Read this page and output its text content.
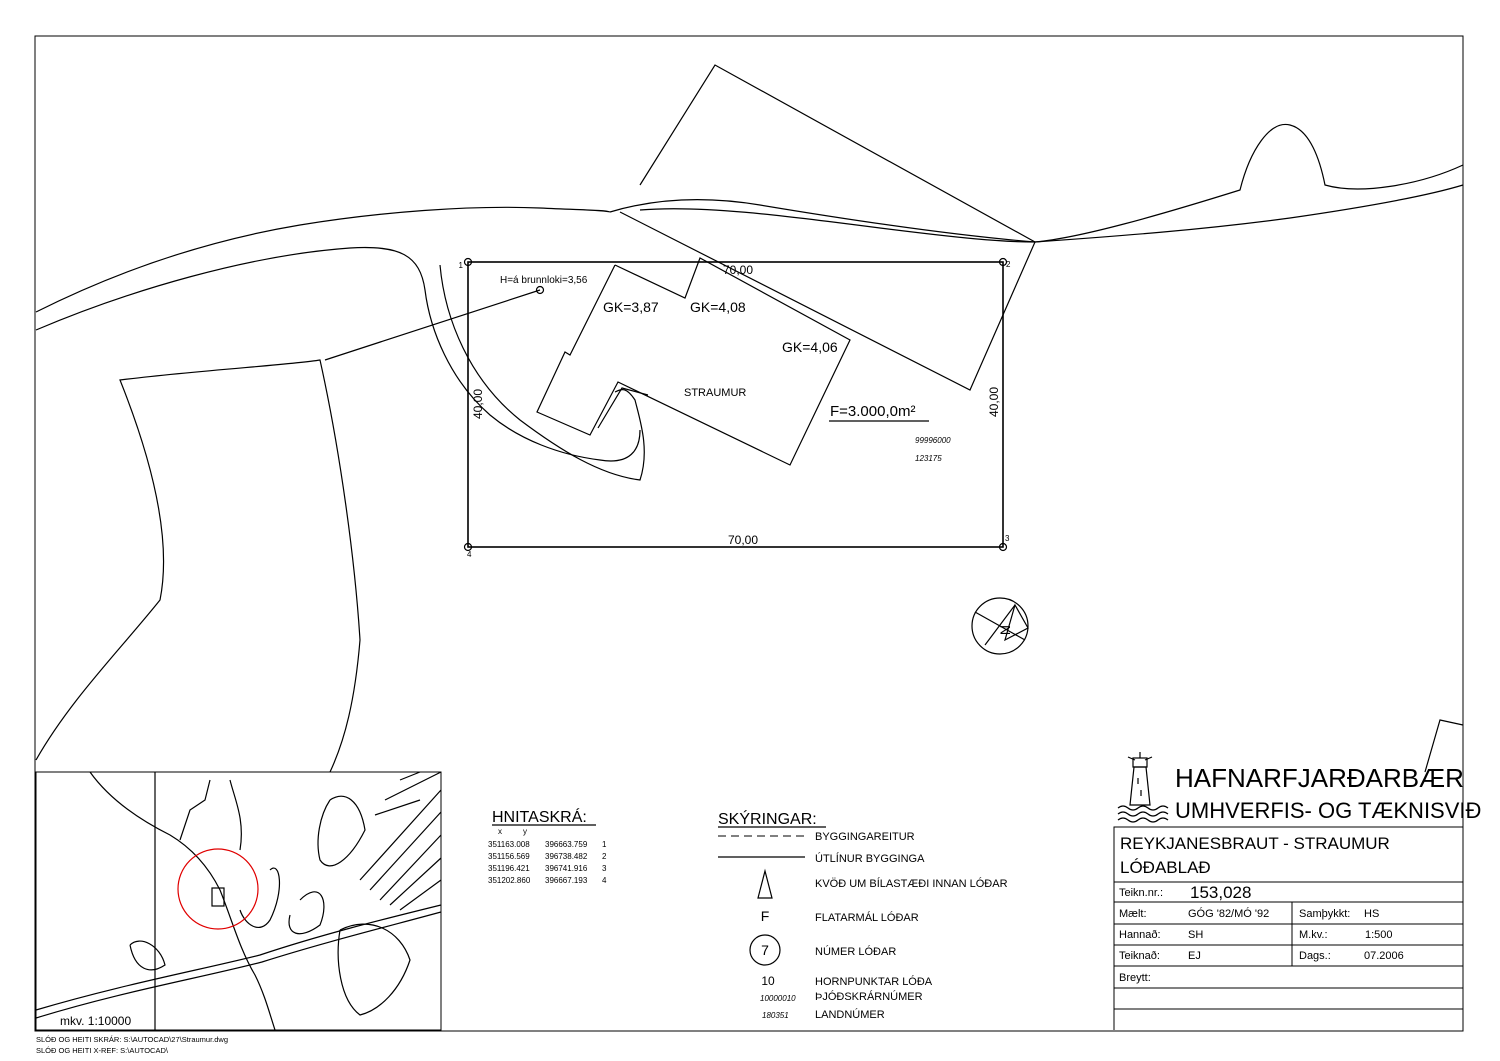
1	2
3
4
70,00
70,00
40,00	40,00
H=á brunnloki=3,56
GK=3,87 GK=4,08
GK=4,06
STRAUMUR
F=3.000,0m²
99996000
123175
N
mkv. 1:10000
HNITASKRÁ:
x	y
351163.008 396663.759 1
351156.569 396738.482 2
351196.421 396741.916 3
351202.860 396667.193 4
SKÝRINGAR:
BYGGINGAREITUR
ÚTLÍNUR BYGGINGA
KVÖÐ UM BÍLASTÆÐI INNAN LÓÐAR
F	FLATARMÁL LÓÐAR
7	NÚMER LÓÐAR
10	HORNPUNKTAR LÓÐA
10000010 ÞJÓÐSKRÁRNÚMER
180351 LANDNÚMER
HAFNARFJARÐARBÆR
UMHVERFIS- OG TÆKNISVIÐ
REYKJANESBRAUT - STRAUMUR
LÓÐABLAÐ
Teikn.nr.: 153,028
Mælt:	GÓG '82/MÓ '92	Samþykkt: HS
Hannað: SH	M.kv.:	1:500
Teiknað:	EJ	Dags.:	07.2006
Breytt:
SLÓÐ OG HEITI SKRÁR: S:\AUTOCAD\27\Straumur.dwg
SLÓÐ OG HEITI X-REF: S:\AUTOCAD\
